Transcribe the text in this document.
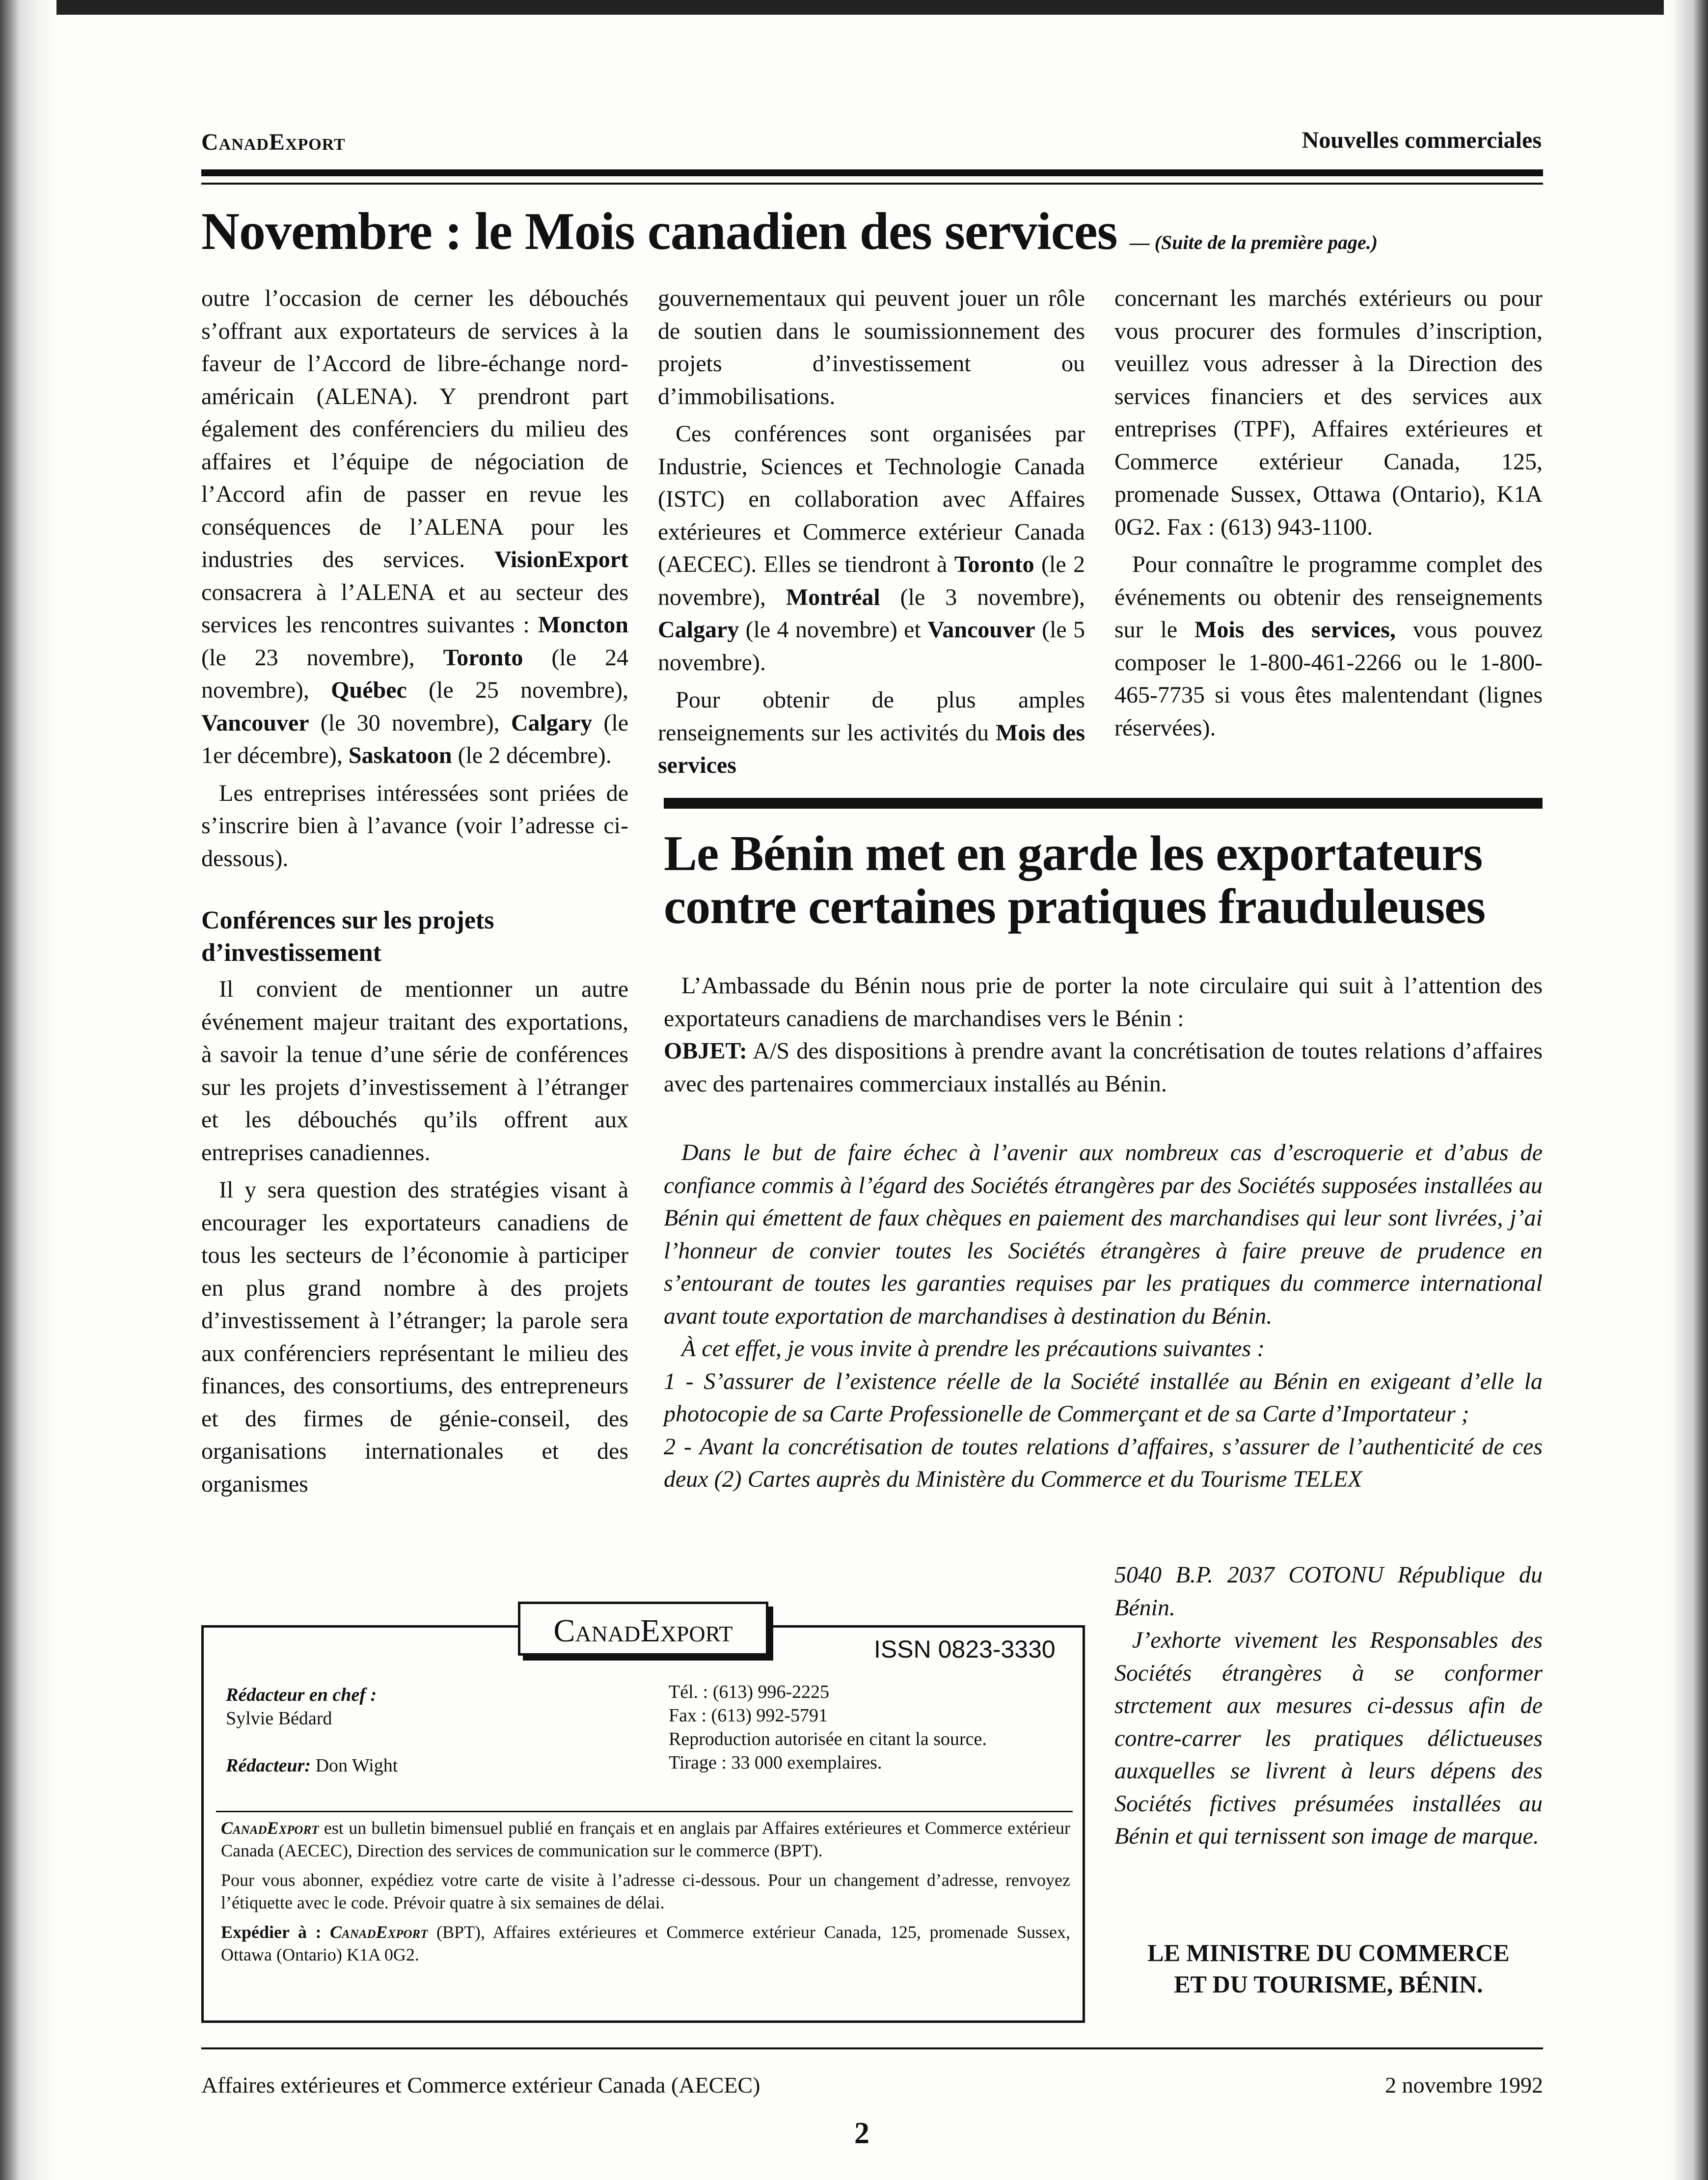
CanadExport	Nouvelles commerciales
Novembre : le Mois canadien des services — (Suite de la première page.)

outre l’occasion de cerner les débouchés s’offrant aux exportateurs de services à la faveur de l’Accord de libre-échange nord-américain (ALENA). Y prendront part également des conférenciers du milieu des affaires et l’équipe de négociation de l’Accord afin de passer en revue les conséquences de l’ALENA pour les industries des services. VisionExport consacrera à l’ALENA et au secteur des services les rencontres suivantes : Moncton (le 23 novembre), Toronto (le 24 novembre), Québec (le 25 novembre), Vancouver (le 30 novembre), Calgary (le 1er décembre), Saskatoon (le 2 décembre).

Les entreprises intéressées sont priées de s’inscrire bien à l’avance (voir l’adresse ci-dessous).

Conférences sur les projets d’investissement
Il convient de mentionner un autre événement majeur traitant des exportations, à savoir la tenue d’une série de conférences sur les projets d’investissement à l’étranger et les débouchés qu’ils offrent aux entreprises canadiennes.
Il y sera question des stratégies visant à encourager les exportateurs canadiens de tous les secteurs de l’économie à participer en plus grand nombre à des projets d’investissement à l’étranger; la parole sera aux conférenciers représentant le milieu des finances, des consortiums, des entrepreneurs et des firmes de génie-conseil, des organisations internationales et des organismes

gouvernementaux qui peuvent jouer un rôle de soutien dans le soumissionnement des projets d’investissement ou d’immobilisations.

Ces conférences sont organisées par Industrie, Sciences et Technologie Canada (ISTC) en collaboration avec Affaires extérieures et Commerce extérieur Canada (AECEC). Elles se tiendront à Toronto (le 2 novembre), Montréal (le 3 novembre), Calgary (le 4 novembre) et Vancouver (le 5 novembre).

Pour obtenir de plus amples renseignements sur les activités du Mois des services

concernant les marchés extérieurs ou pour vous procurer des formules d’inscription, veuillez vous adresser à la Direction des services financiers et des services aux entreprises (TPF), Affaires extérieures et Commerce extérieur Canada, 125, promenade Sussex, Ottawa (Ontario), K1A 0G2. Fax : (613) 943-1100.

Pour connaître le programme complet des événements ou obtenir des renseignements sur le Mois des services, vous pouvez composer le 1-800-461-2266 ou le 1-800-465-7735 si vous êtes malentendant (lignes réservées).

Le Bénin met en garde les exportateurs
contre certaines pratiques frauduleuses

L’Ambassade du Bénin nous prie de porter la note circulaire qui suit à l’attention des exportateurs canadiens de marchandises vers le Bénin :

OBJET: A/S des dispositions à prendre avant la concrétisation de toutes relations d’affaires avec des partenaires commerciaux installés au Bénin.

Dans le but de faire échec à l’avenir aux nombreux cas d’escroquerie et d’abus de confiance commis à l’égard des Sociétés étrangères par des Sociétés supposées installées au Bénin qui émettent de faux chèques en paiement des marchandises qui leur sont livrées, j’ai l’honneur de convier toutes les Sociétés étrangères à faire preuve de prudence en s’entourant de toutes les garanties requises par les pratiques du commerce international avant toute exportation de marchandises à destination du Bénin.

À cet effet, je vous invite à prendre les précautions suivantes :

1 - S’assurer de l’existence réelle de la Société installée au Bénin en exigeant d’elle la photocopie de sa Carte Professionelle de Commerçant et de sa Carte d’Importateur ;

2 - Avant la concrétisation de toutes relations d’affaires, s’assurer de l’authenticité de ces deux (2) Cartes auprès du Ministère du Commerce et du Tourisme TELEX

5040 B.P. 2037 COTONU République du Bénin.

J’exhorte vivement les Responsables des Sociétés étrangères à se conformer strctement aux mesures ci-dessus afin de contre-carrer les pratiques délictueuses auxquelles se livrent à leurs dépens des Sociétés fictives présumées installées au Bénin et qui ternissent son image de marque.

LE MINISTRE DU COMMERCE
ET DU TOURISME, BÉNIN.
CanadExport
ISSN 0823-3330
Rédacteur en chef :
Sylvie Bédard
Rédacteur: Don Wight
Tél. : (613) 996-2225
Fax : (613) 992-5791
Reproduction autorisée en citant la source.
Tirage : 33 000 exemplaires.
CanadExport est un bulletin bimensuel publié en français et en anglais par Affaires extérieures et Commerce extérieur Canada (AECEC), Direction des services de communication sur le commerce (BPT).
Pour vous abonner, expédiez votre carte de visite à l’adresse ci-dessous. Pour un changement d’adresse, renvoyez l’étiquette avec le code. Prévoir quatre à six semaines de délai.
Expédier à : CanadExport (BPT), Affaires extérieures et Commerce extérieur Canada, 125, promenade Sussex, Ottawa (Ontario) K1A 0G2.
Affaires extérieures et Commerce extérieur Canada (AECEC)	2 novembre 1992
2
